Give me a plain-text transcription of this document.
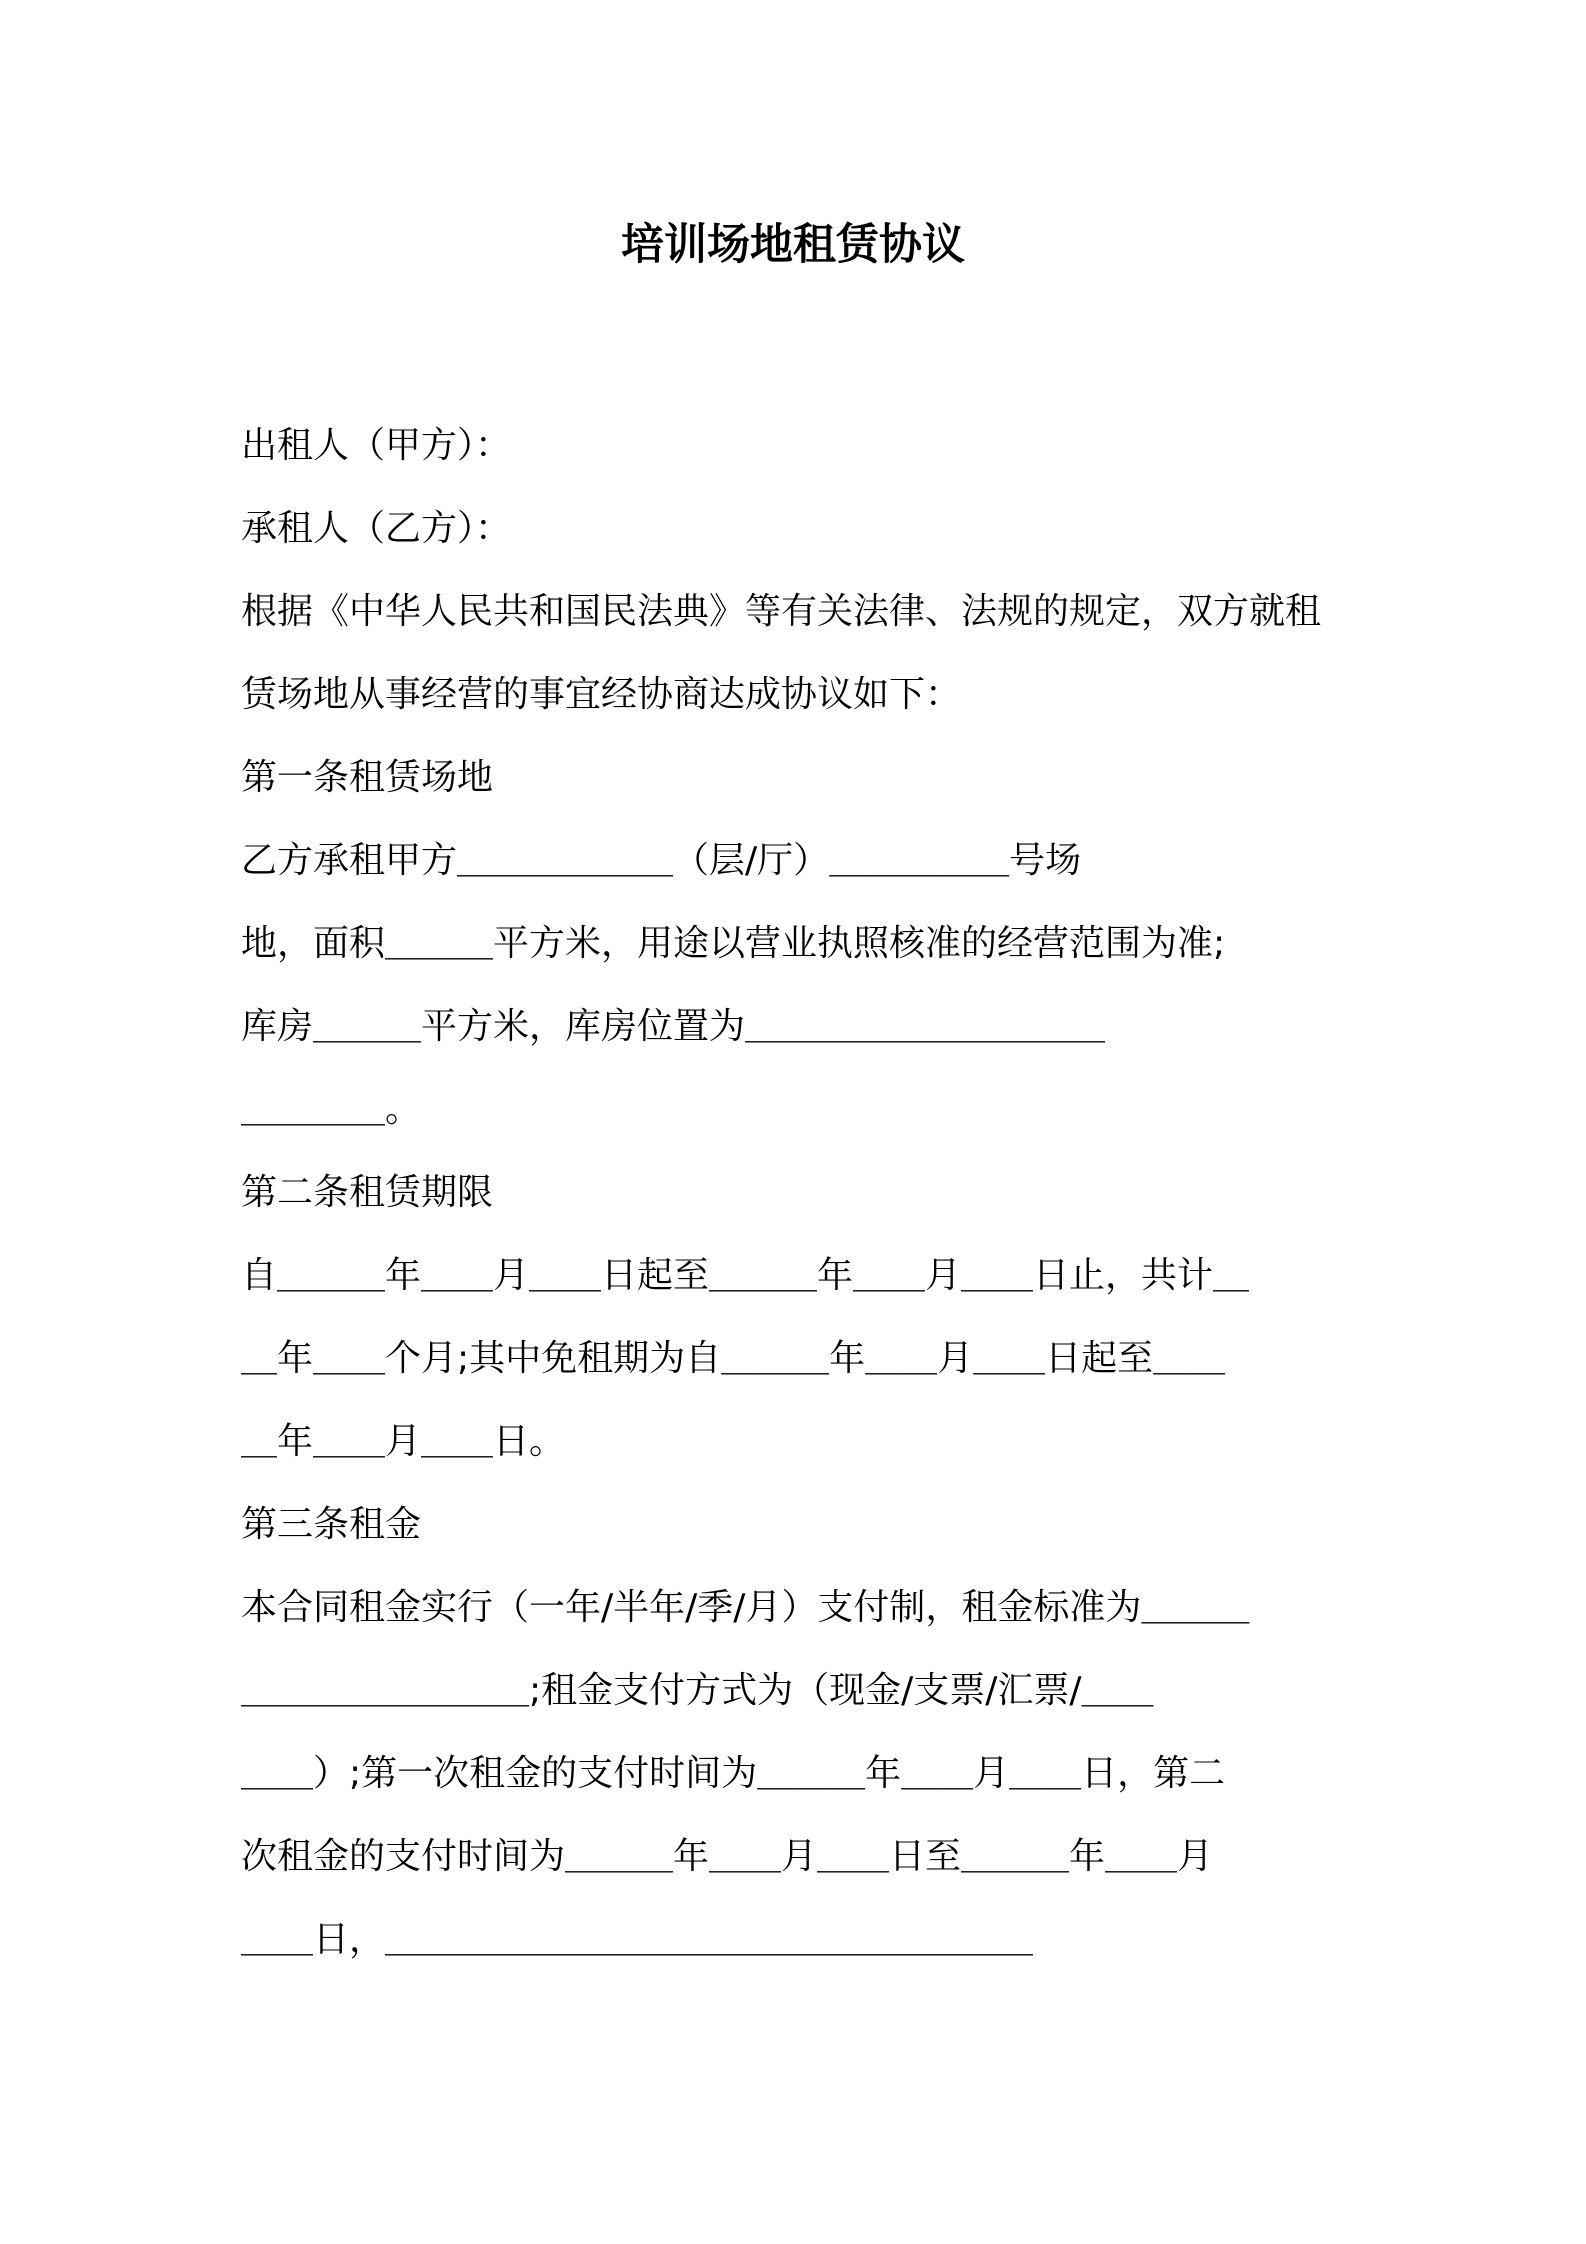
培训场地租赁协议
出租人（甲方）：
承租人（乙方）：
根据《中华人民共和国民法典》等有关法律、法规的规定，双方就租
赁场地从事经营的事宜经协商达成协议如下：
第一条租赁场地
乙方承租甲方＿＿＿＿＿＿（层/厅）＿＿＿＿＿号场
地，面积＿＿＿平方米，用途以营业执照核准的经营范围为准;
库房＿＿＿平方米，库房位置为＿＿＿＿＿＿＿＿＿＿
＿＿＿＿。
第二条租赁期限
自＿＿＿年＿＿月＿＿日起至＿＿＿年＿＿月＿＿日止，共计＿
＿年＿＿个月;其中免租期为自＿＿＿年＿＿月＿＿日起至＿＿
＿年＿＿月＿＿日。
第三条租金
本合同租金实行（一年/半年/季/月）支付制，租金标准为＿＿＿
＿＿＿＿＿＿＿＿;租金支付方式为（现金/支票/汇票/＿＿
＿＿）;第一次租金的支付时间为＿＿＿年＿＿月＿＿日，第二
次租金的支付时间为＿＿＿年＿＿月＿＿日至＿＿＿年＿＿月
＿＿日，＿＿＿＿＿＿＿＿＿＿＿＿＿＿＿＿＿＿
